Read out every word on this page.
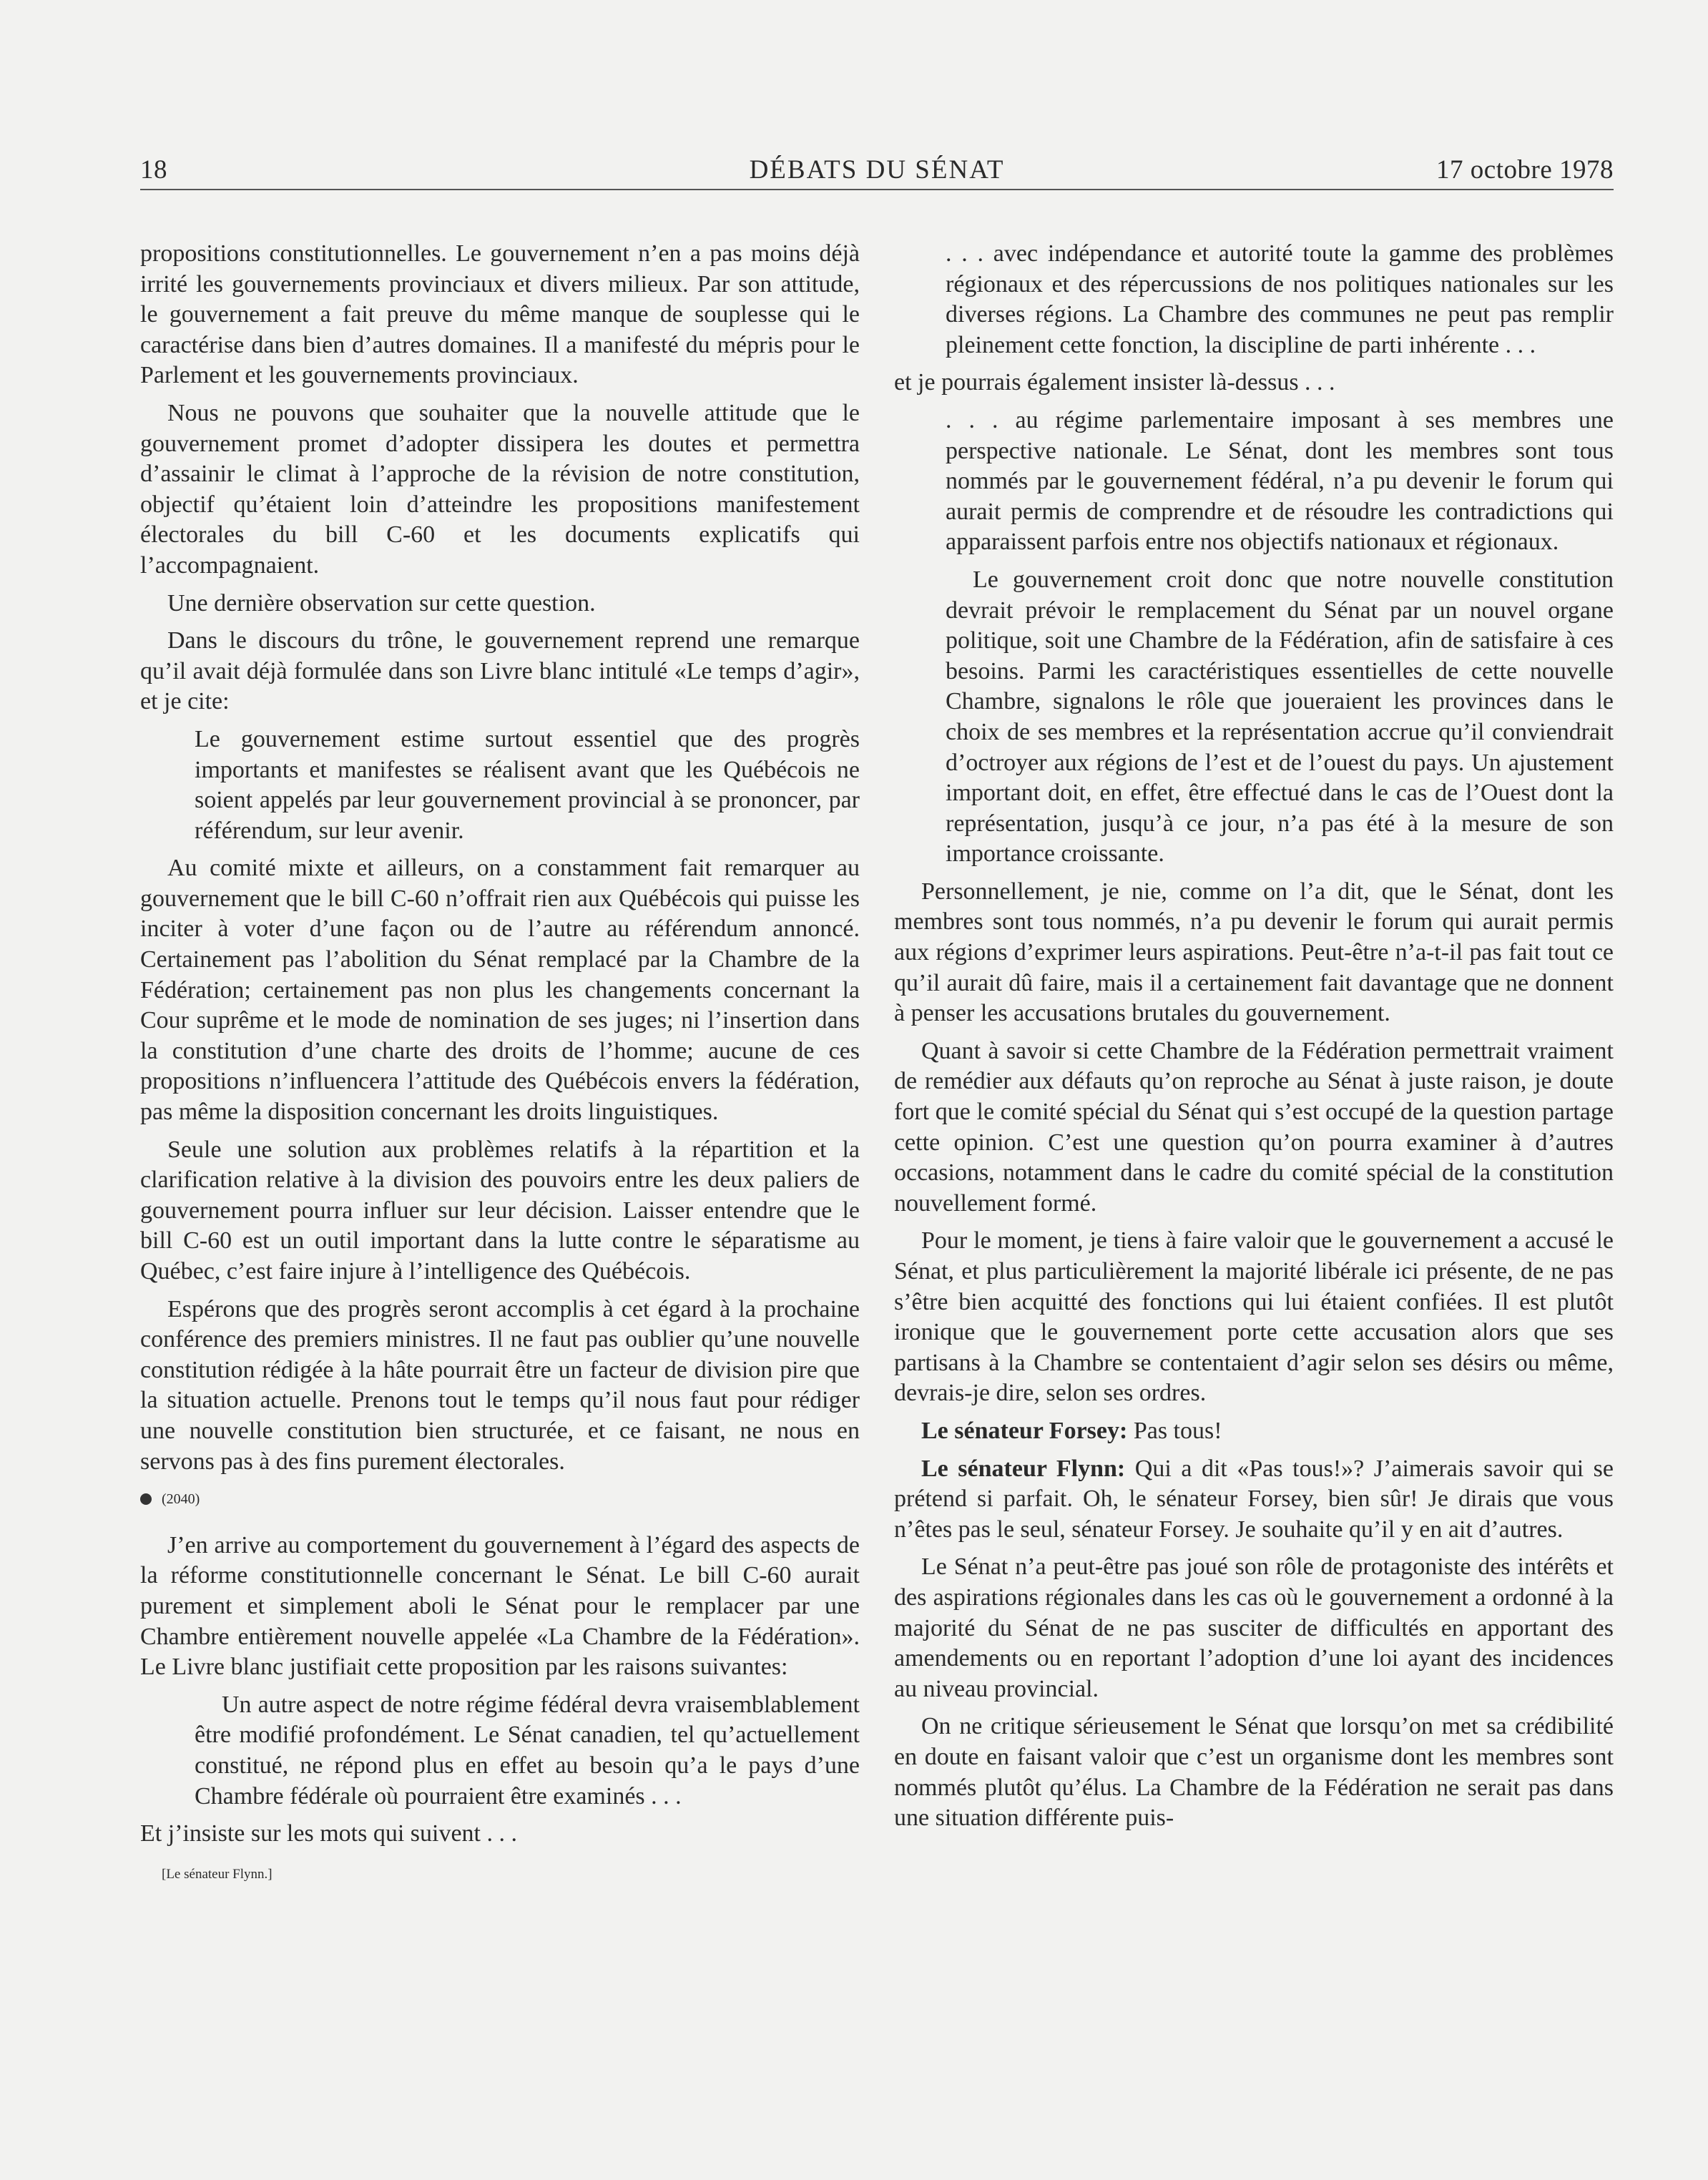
18	DÉBATS DU SÉNAT	17 octobre 1978

propositions constitutionnelles. Le gouvernement n’en a pas moins déjà irrité les gouvernements provinciaux et divers milieux. Par son attitude, le gouvernement a fait preuve du même manque de souplesse qui le caractérise dans bien d’autres domaines. Il a manifesté du mépris pour le Parlement et les gouvernements provinciaux.

Nous ne pouvons que souhaiter que la nouvelle attitude que le gouvernement promet d’adopter dissipera les doutes et permettra d’assainir le climat à l’approche de la révision de notre constitution, objectif qu’étaient loin d’atteindre les propositions manifestement électorales du bill C-60 et les documents explicatifs qui l’accompagnaient.

Une dernière observation sur cette question.

Dans le discours du trône, le gouvernement reprend une remarque qu’il avait déjà formulée dans son Livre blanc intitulé «Le temps d’agir», et je cite:

Le gouvernement estime surtout essentiel que des progrès importants et manifestes se réalisent avant que les Québécois ne soient appelés par leur gouvernement provincial à se prononcer, par référendum, sur leur avenir.

Au comité mixte et ailleurs, on a constamment fait remarquer au gouvernement que le bill C-60 n’offrait rien aux Québécois qui puisse les inciter à voter d’une façon ou de l’autre au référendum annoncé. Certainement pas l’abolition du Sénat remplacé par la Chambre de la Fédération; certainement pas non plus les changements concernant la Cour suprême et le mode de nomination de ses juges; ni l’insertion dans la constitution d’une charte des droits de l’homme; aucune de ces propositions n’influencera l’attitude des Québécois envers la fédération, pas même la disposition concernant les droits linguistiques.

Seule une solution aux problèmes relatifs à la répartition et la clarification relative à la division des pouvoirs entre les deux paliers de gouvernement pourra influer sur leur décision. Laisser entendre que le bill C-60 est un outil important dans la lutte contre le séparatisme au Québec, c’est faire injure à l’intelligence des Québécois.

Espérons que des progrès seront accomplis à cet égard à la prochaine conférence des premiers ministres. Il ne faut pas oublier qu’une nouvelle constitution rédigée à la hâte pourrait être un facteur de division pire que la situation actuelle. Prenons tout le temps qu’il nous faut pour rédiger une nouvelle constitution bien structurée, et ce faisant, ne nous en servons pas à des fins purement électorales.

(2040)

J’en arrive au comportement du gouvernement à l’égard des aspects de la réforme constitutionnelle concernant le Sénat. Le bill C-60 aurait purement et simplement aboli le Sénat pour le remplacer par une Chambre entièrement nouvelle appelée «La Chambre de la Fédération». Le Livre blanc justifiait cette proposition par les raisons suivantes:

Un autre aspect de notre régime fédéral devra vraisemblablement être modifié profondément. Le Sénat canadien, tel qu’actuellement constitué, ne répond plus en effet au besoin qu’a le pays d’une Chambre fédérale où pourraient être examinés . . .

Et j’insiste sur les mots qui suivent . . .

[Le sénateur Flynn.]

. . . avec indépendance et autorité toute la gamme des problèmes régionaux et des répercussions de nos politiques nationales sur les diverses régions. La Chambre des communes ne peut pas remplir pleinement cette fonction, la discipline de parti inhérente . . .

et je pourrais également insister là-dessus . . .

. . . au régime parlementaire imposant à ses membres une perspective nationale. Le Sénat, dont les membres sont tous nommés par le gouvernement fédéral, n’a pu devenir le forum qui aurait permis de comprendre et de résoudre les contradictions qui apparaissent parfois entre nos objectifs nationaux et régionaux.

Le gouvernement croit donc que notre nouvelle constitution devrait prévoir le remplacement du Sénat par un nouvel organe politique, soit une Chambre de la Fédération, afin de satisfaire à ces besoins. Parmi les caractéristiques essentielles de cette nouvelle Chambre, signalons le rôle que joueraient les provinces dans le choix de ses membres et la représentation accrue qu’il conviendrait d’octroyer aux régions de l’est et de l’ouest du pays. Un ajustement important doit, en effet, être effectué dans le cas de l’Ouest dont la représentation, jusqu’à ce jour, n’a pas été à la mesure de son importance croissante.

Personnellement, je nie, comme on l’a dit, que le Sénat, dont les membres sont tous nommés, n’a pu devenir le forum qui aurait permis aux régions d’exprimer leurs aspirations. Peut-être n’a-t-il pas fait tout ce qu’il aurait dû faire, mais il a certainement fait davantage que ne donnent à penser les accusations brutales du gouvernement.

Quant à savoir si cette Chambre de la Fédération permettrait vraiment de remédier aux défauts qu’on reproche au Sénat à juste raison, je doute fort que le comité spécial du Sénat qui s’est occupé de la question partage cette opinion. C’est une question qu’on pourra examiner à d’autres occasions, notamment dans le cadre du comité spécial de la constitution nouvellement formé.

Pour le moment, je tiens à faire valoir que le gouvernement a accusé le Sénat, et plus particulièrement la majorité libérale ici présente, de ne pas s’être bien acquitté des fonctions qui lui étaient confiées. Il est plutôt ironique que le gouvernement porte cette accusation alors que ses partisans à la Chambre se contentaient d’agir selon ses désirs ou même, devrais-je dire, selon ses ordres.

Le sénateur Forsey: Pas tous!

Le sénateur Flynn: Qui a dit «Pas tous!»? J’aimerais savoir qui se prétend si parfait. Oh, le sénateur Forsey, bien sûr! Je dirais que vous n’êtes pas le seul, sénateur Forsey. Je souhaite qu’il y en ait d’autres.

Le Sénat n’a peut-être pas joué son rôle de protagoniste des intérêts et des aspirations régionales dans les cas où le gouvernement a ordonné à la majorité du Sénat de ne pas susciter de difficultés en apportant des amendements ou en reportant l’adoption d’une loi ayant des incidences au niveau provincial.

On ne critique sérieusement le Sénat que lorsqu’on met sa crédibilité en doute en faisant valoir que c’est un organisme dont les membres sont nommés plutôt qu’élus. La Chambre de la Fédération ne serait pas dans une situation différente puis-
